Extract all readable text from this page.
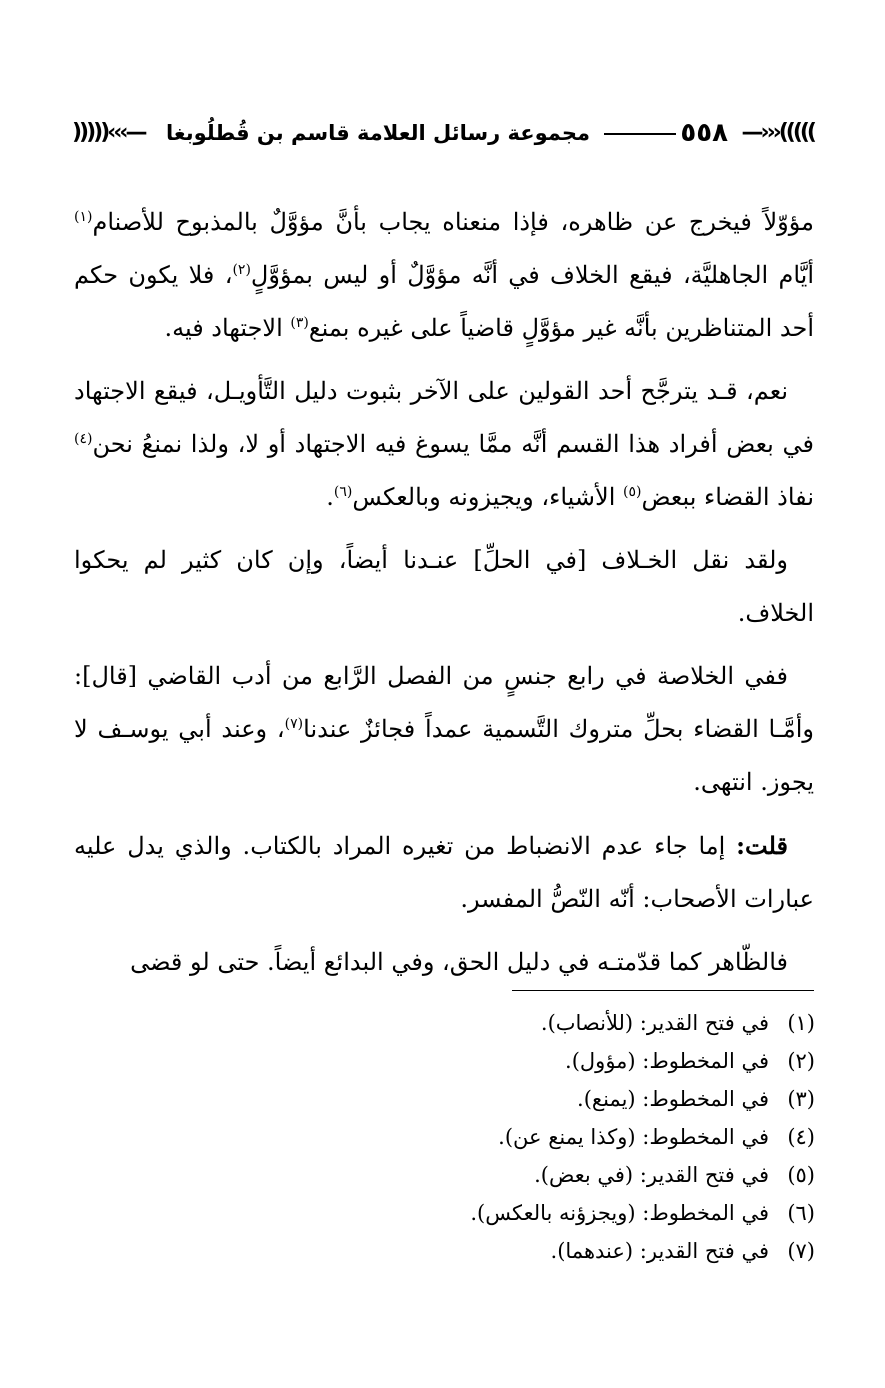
—›››(((((
٥٥٨
مجموعة رسائل العلامة قاسم بن قُطلُوبغا
)))))‹‹‹—

مؤوّلاً فيخرج عن ظاهره، فإذا منعناه يجاب بأنَّ مؤوَّلٌ بالمذبوح للأصنام$^{(١)}$ أيَّام الجاهليَّة، فيقع الخلاف في أنَّه مؤوَّلٌ أو ليس بمؤوَّلٍ$^{(٢)}$، فلا يكون حكم أحد المتناظرين بأنَّه غير مؤوَّلٍ قاضياً على غيره بمنع$^{(٣)}$ الاجتهاد فيه.

نعم، قـد يترجَّح أحد القولين على الآخر بثبوت دليل التَّأويـل، فيقع الاجتهاد في بعض أفراد هذا القسم أنَّه ممَّا يسوغ فيه الاجتهاد أو لا، ولذا نمنعُ نحن$^{(٤)}$ نفاذ القضاء ببعض$^{(٥)}$ الأشياء، ويجيزونه وبالعكس$^{(٦)}$.

ولقد نقل الخـلاف [في الحلِّ] عنـدنا أيضاً، وإن كان كثير لم يحكوا الخلاف.

ففي الخلاصة في رابع جنسٍ من الفصل الرَّابع من أدب القاضي [قال]: وأمَّـا القضاء بحلِّ متروك التَّسمية عمداً فجائزٌ عندنا$^{(٧)}$، وعند أبي يوسـف لا يجوز. انتهى.

قلت: إما جاء عدم الانضباط من تغيره المراد بالكتاب. والذي يدل عليه عبارات الأصحاب: أنّه النّصُّ المفسر.

فالظّاهر كما قدّمتـه في دليل الحق، وفي البدائع أيضاً. حتى لو قضى

(١)في فتح القدير: (للأنصاب).
(٢)في المخطوط: (مؤول).
(٣)في المخطوط: (يمنع).
(٤)في المخطوط: (وكذا يمنع عن).
(٥)في فتح القدير: (في بعض).
(٦)في المخطوط: (ويجزؤنه بالعكس).
(٧)في فتح القدير: (عندهما).
